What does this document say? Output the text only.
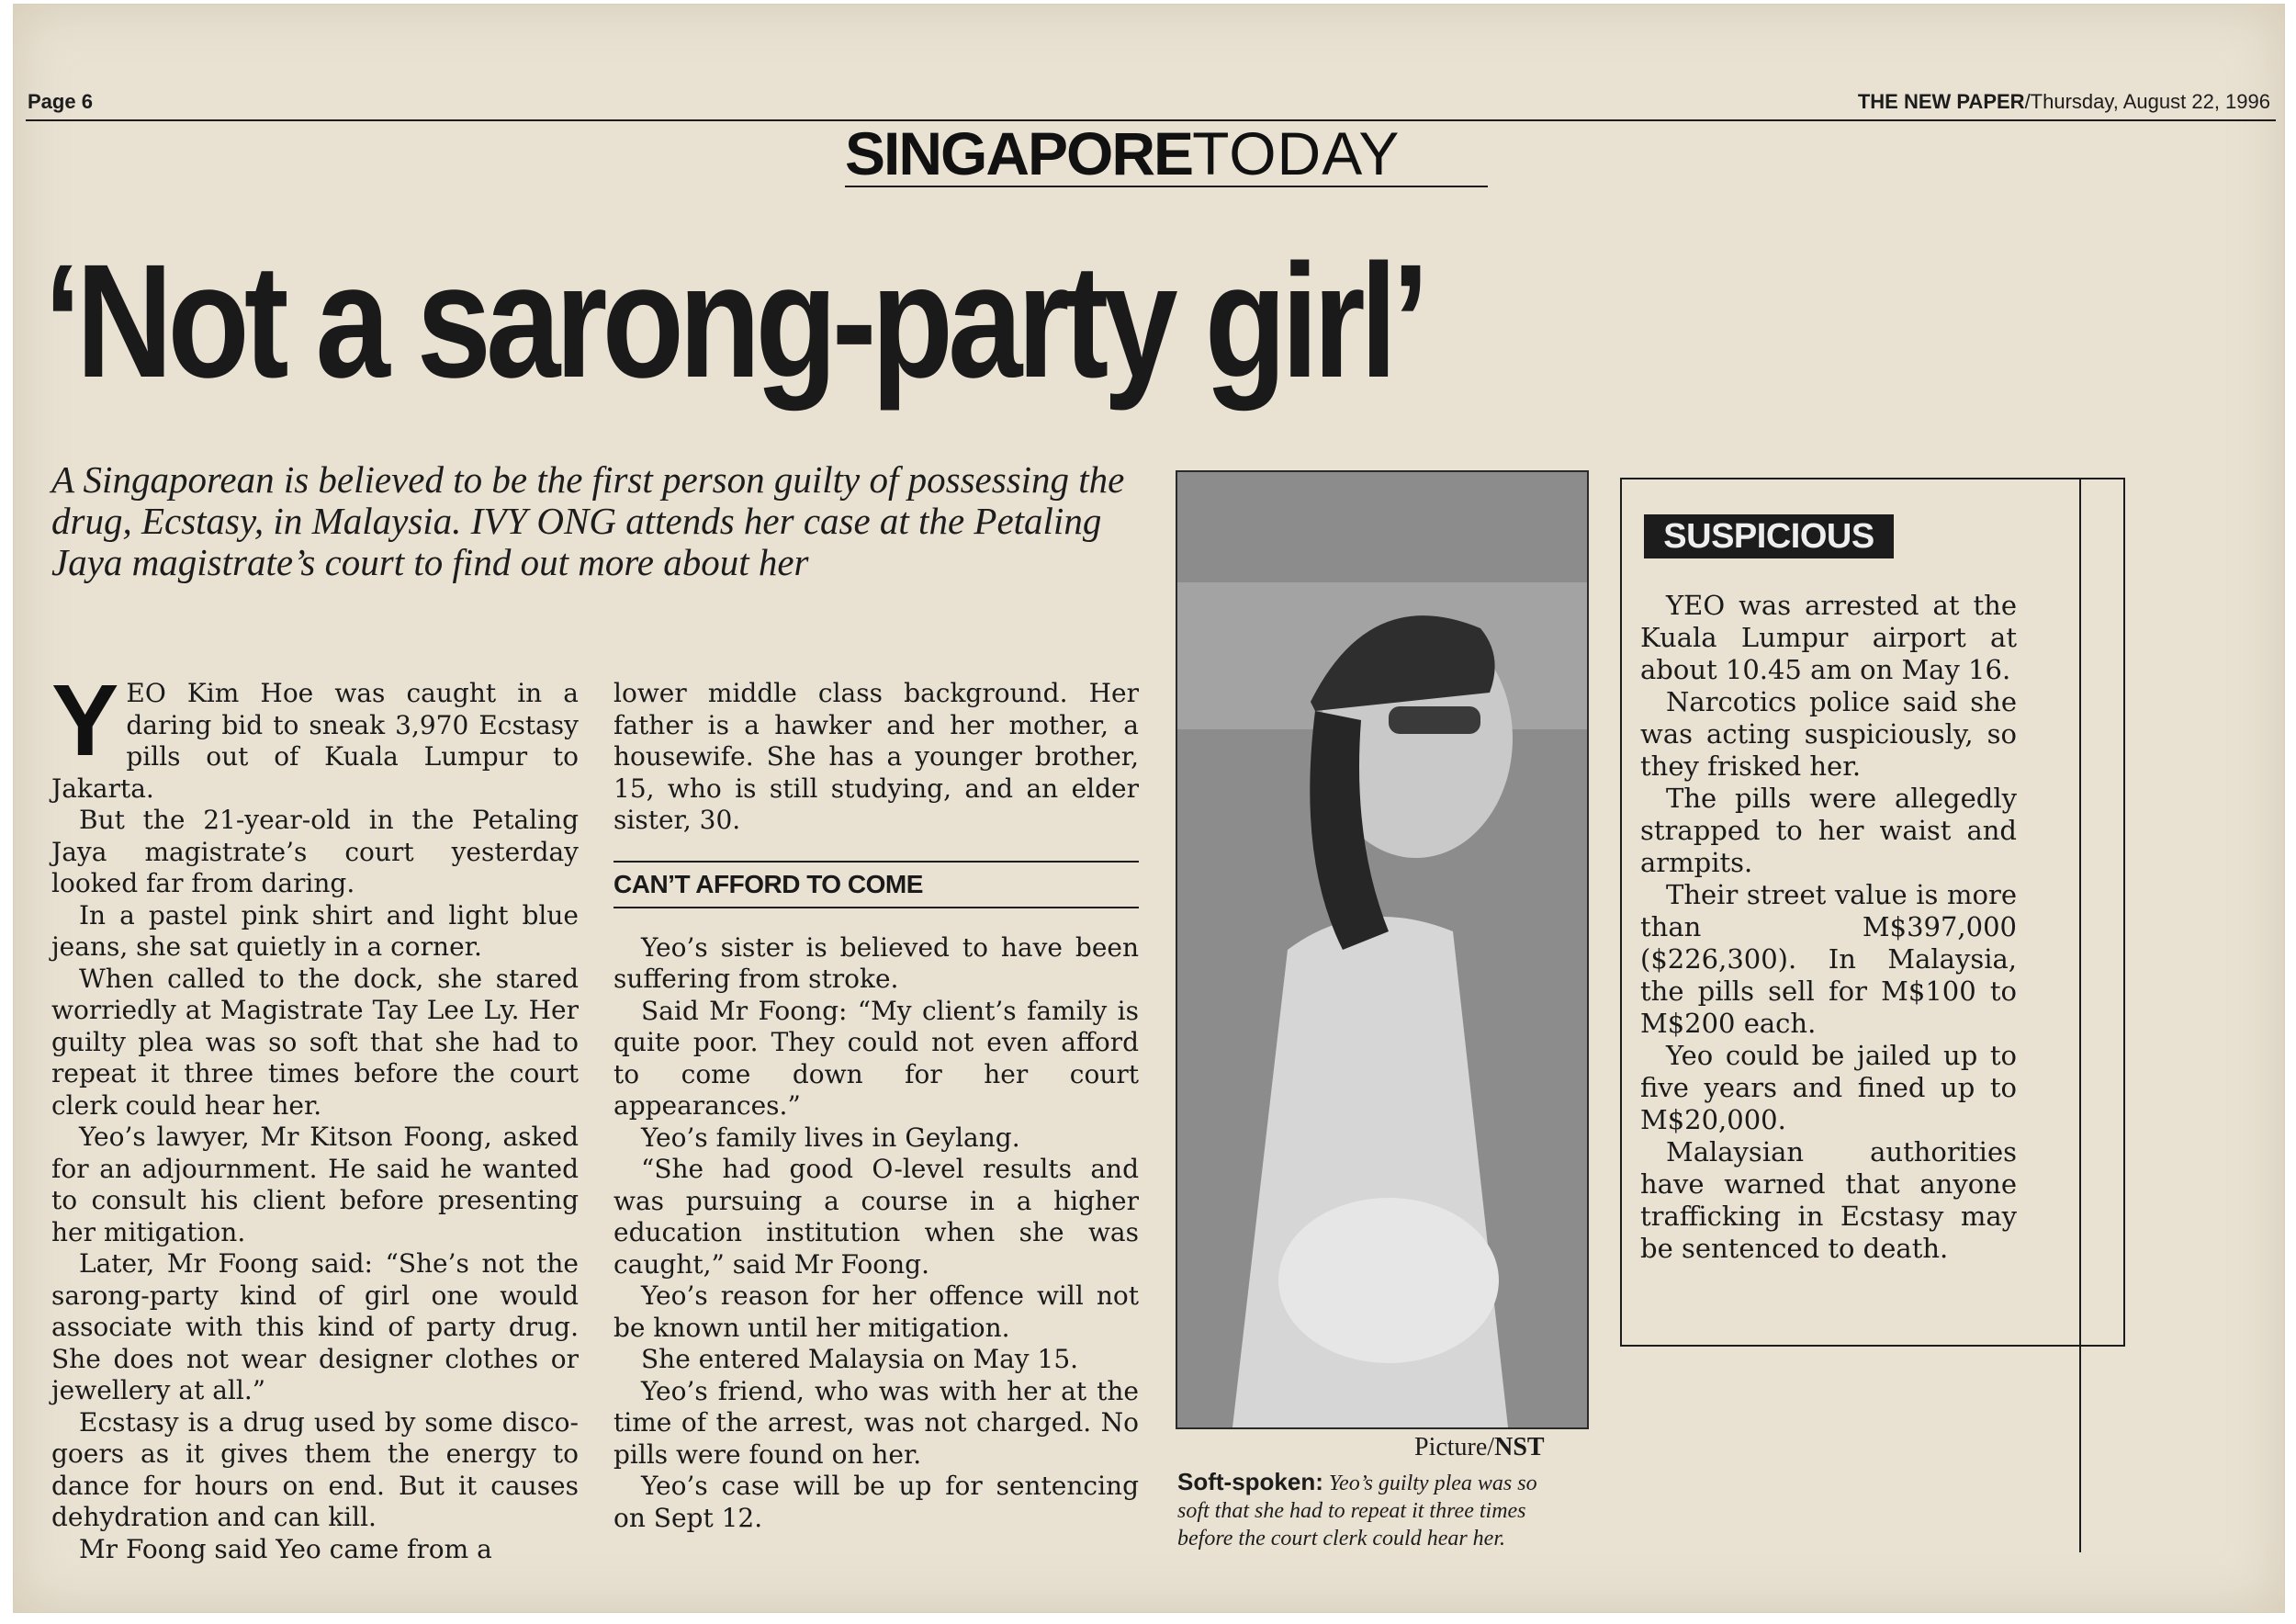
Page 6	THE NEW PAPER/Thursday, August 22, 1996
SINGAPORETODAY
‘Not a sarong-party girl’
A Singaporean is believed to be the first person guilty of possessing the drug, Ecstasy, in Malaysia. IVY ONG attends her case at the Petaling Jaya magistrate’s court to find out more about her

YEO Kim Hoe was caught in a daring bid to sneak 3,970 Ecstasy pills out of Kuala Lumpur to Jakarta.

But the 21-year-old in the Petaling Jaya magistrate’s court yesterday looked far from daring.

In a pastel pink shirt and light blue jeans, she sat quietly in a corner.

When called to the dock, she stared worriedly at Magistrate Tay Lee Ly. Her guilty plea was so soft that she had to repeat it three times before the court clerk could hear her.

Yeo’s lawyer, Mr Kitson Foong, asked for an adjournment. He said he wanted to consult his client before presenting her mitigation.

Later, Mr Foong said: “She’s not the sarong-party kind of girl one would associate with this kind of party drug. She does not wear designer clothes or jewellery at all.”

Ecstasy is a drug used by some disco-goers as it gives them the energy to dance for hours on end. But it causes dehydration and can kill.

Mr Foong said Yeo came from a

lower middle class background. Her father is a hawker and her mother, a housewife. She has a younger brother, 15, who is still studying, and an elder sister, 30.

CAN’T AFFORD TO COME

Yeo’s sister is believed to have been suffering from stroke.

Said Mr Foong: “My client’s family is quite poor. They could not even afford to come down for her court appearances.”

Yeo’s family lives in Geylang.

“She had good O-level results and was pursuing a course in a higher education institution when she was caught,” said Mr Foong.

Yeo’s reason for her offence will not be known until her mitigation.

She entered Malaysia on May 15.

Yeo’s friend, who was with her at the time of the arrest, was not charged. No pills were found on her.

Yeo’s case will be up for sentencing on Sept 12.

Picture/NST
Soft-spoken: Yeo’s guilty plea was so soft that she had to repeat it three times before the court clerk could hear her.
SUSPICIOUS

YEO was arrested at the Kuala Lumpur airport at about 10.45 am on May 16.

Narcotics police said she was acting suspiciously, so they frisked her.

The pills were allegedly strapped to her waist and armpits.

Their street value is more than M$397,000 ($226,300). In Malaysia, the pills sell for M$100 to M$200 each.

Yeo could be jailed up to five years and fined up to M$20,000.

Malaysian authorities have warned that anyone trafficking in Ecstasy may be sentenced to death.
